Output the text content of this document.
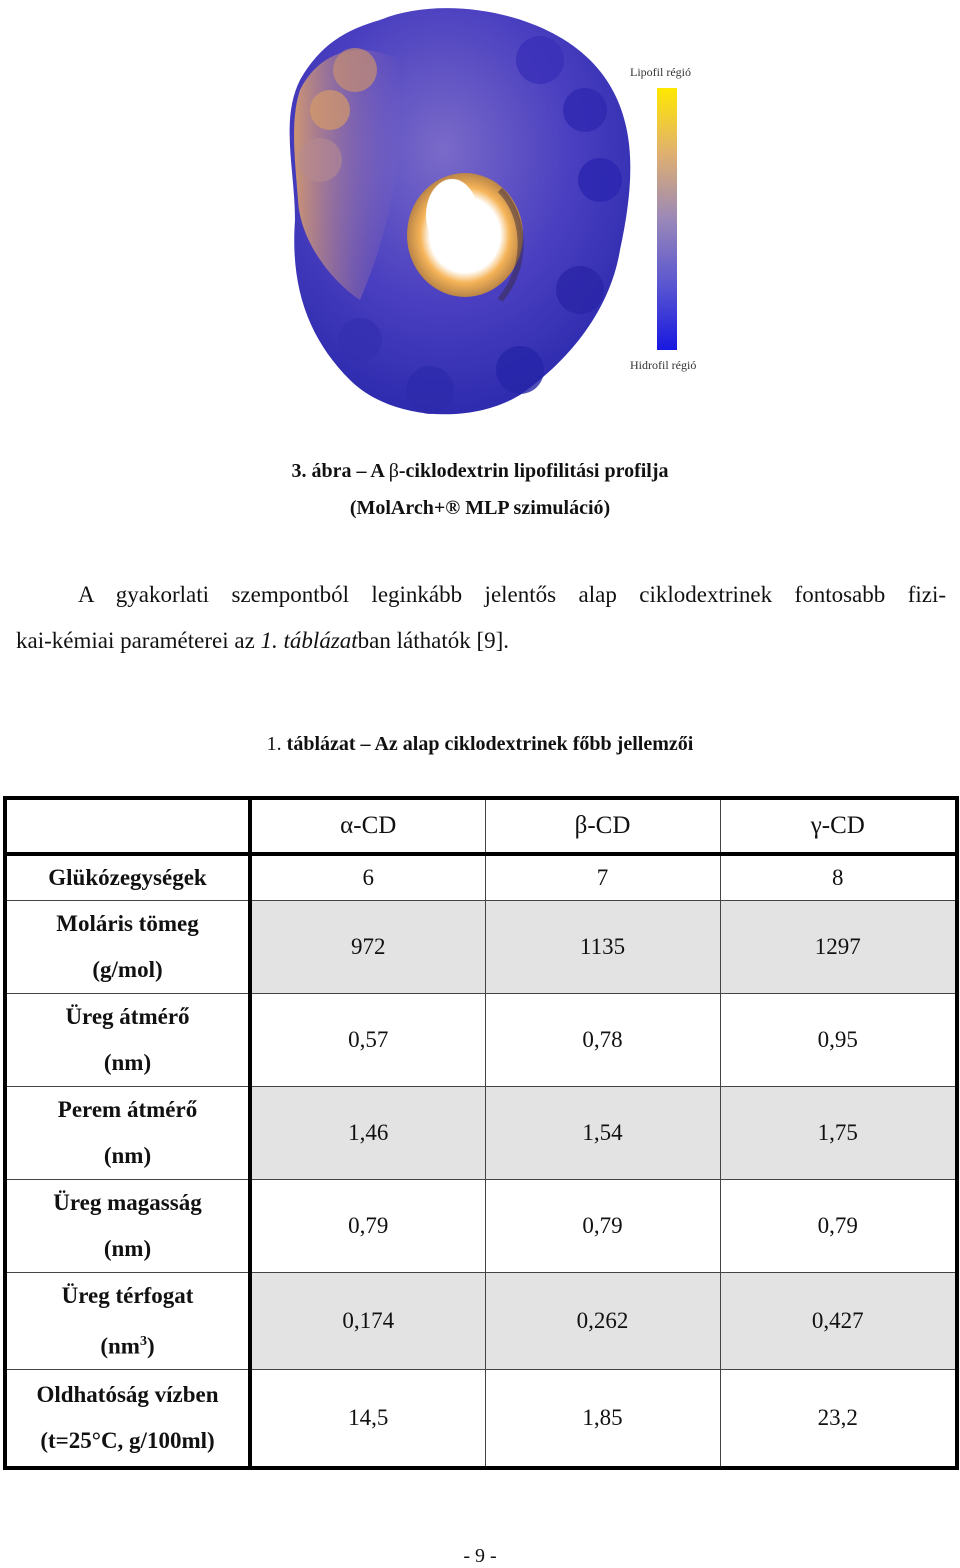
Lipofil régió
Hidrofil régió
3. ábra – A β-ciklodextrin lipofilitási profilja
(MolArch+® MLP szimuláció)
A gyakorlati szempontból leginkább jelentős alap ciklodextrinek fontosabb fizi-
kai-kémiai paraméterei az 1. táblázatban láthatók [9].
1. táblázat – Az alap ciklodextrinek főbb jellemzői
	α-CD	β-CD	γ-CD
Glükózegységek	6	7	8

Moláris tömeg
(g/mol)	972	1135	1297

Üreg átmérő
(nm)	0,57	0,78	0,95

Perem átmérő
(nm)	1,46	1,54	1,75

Üreg magasság
(nm)	0,79	0,79	0,79

Üreg térfogat
$(nm^3)$	0,174	0,262	0,427

Oldhatóság vízben
(t=25°C, g/100ml)	14,5	1,85	23,2
- 9 -
